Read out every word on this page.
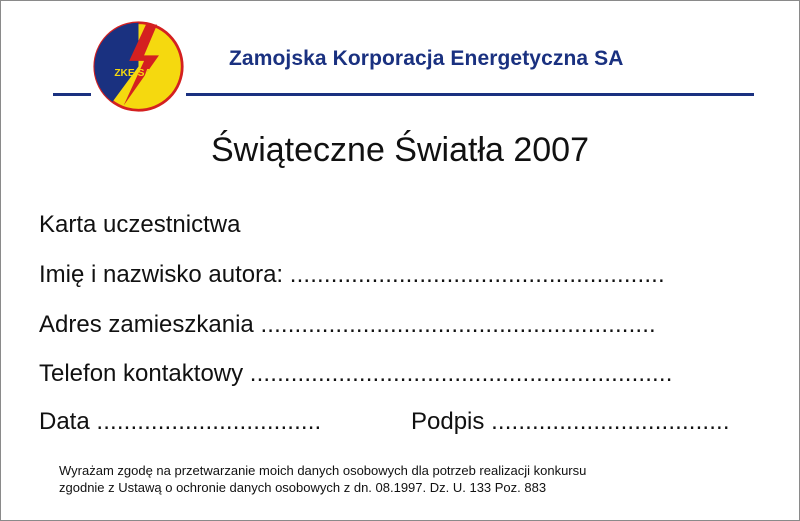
ZKE SA
Zamojska Korporacja Energetyczna SA
Świąteczne Światła 2007
Karta uczestnictwa
Imię i nazwisko autora: .......................................................
Adres zamieszkania ..........................................................
Telefon kontaktowy ..............................................................
Data .................................	Podpis ...................................
Wyrażam zgodę na przetwarzanie moich danych osobowych dla potrzeb realizacji konkursu
zgodnie z Ustawą o ochronie danych osobowych z dn. 08.1997. Dz. U. 133 Poz. 883
